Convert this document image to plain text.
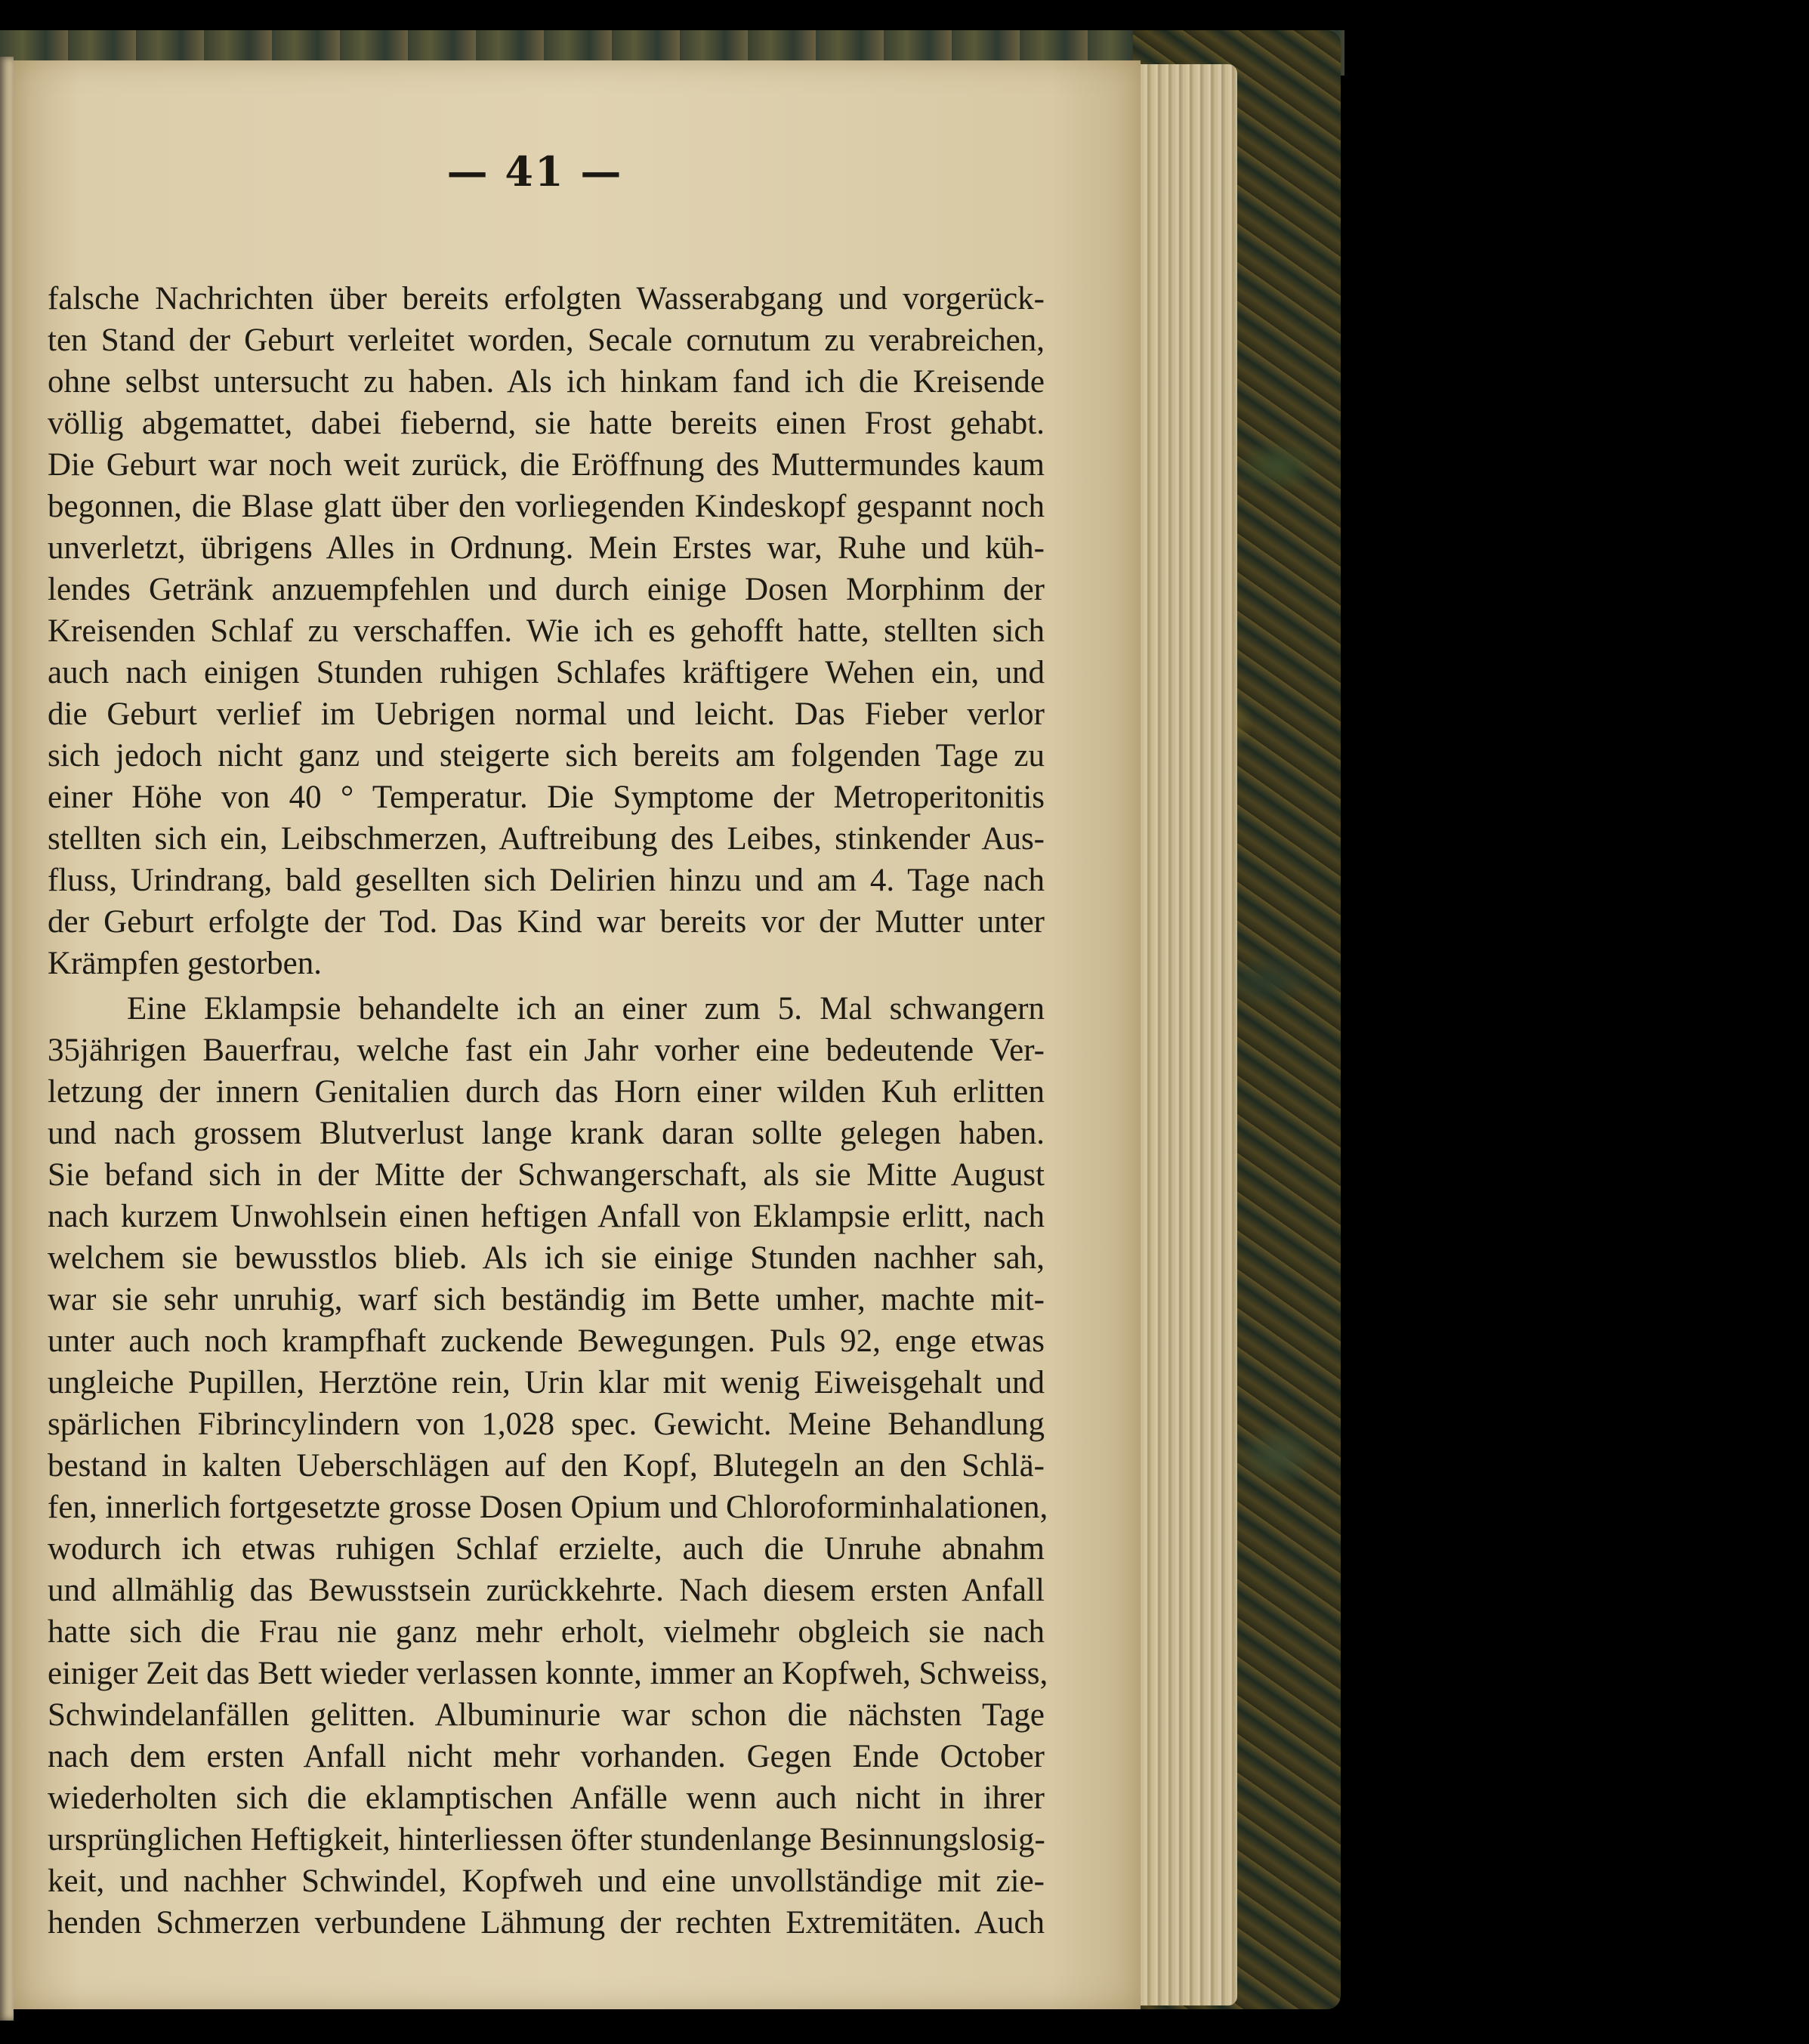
— 41 —
falsche Nachrichten über bereits erfolgten Wasserabgang und vorgerück-
ten Stand der Geburt verleitet worden, Secale cornutum zu verabreichen,
ohne selbst untersucht zu haben. Als ich hinkam fand ich die Kreisende
völlig abgemattet, dabei fiebernd, sie hatte bereits einen Frost gehabt.
Die Geburt war noch weit zurück, die Eröffnung des Muttermundes kaum
begonnen, die Blase glatt über den vorliegenden Kindeskopf gespannt noch
unverletzt, übrigens Alles in Ordnung. Mein Erstes war, Ruhe und küh-
lendes Getränk anzuempfehlen und durch einige Dosen Morphinm der
Kreisenden Schlaf zu verschaffen. Wie ich es gehofft hatte, stellten sich
auch nach einigen Stunden ruhigen Schlafes kräftigere Wehen ein, und
die Geburt verlief im Uebrigen normal und leicht. Das Fieber verlor
sich jedoch nicht ganz und steigerte sich bereits am folgenden Tage zu
einer Höhe von 40 ° Temperatur. Die Symptome der Metroperitonitis
stellten sich ein, Leibschmerzen, Auftreibung des Leibes, stinkender Aus-
fluss, Urindrang, bald gesellten sich Delirien hinzu und am 4. Tage nach
der Geburt erfolgte der Tod. Das Kind war bereits vor der Mutter unter
Krämpfen gestorben.
Eine Eklampsie behandelte ich an einer zum 5. Mal schwangern
35jährigen Bauerfrau, welche fast ein Jahr vorher eine bedeutende Ver-
letzung der innern Genitalien durch das Horn einer wilden Kuh erlitten
und nach grossem Blutverlust lange krank daran sollte gelegen haben.
Sie befand sich in der Mitte der Schwangerschaft, als sie Mitte August
nach kurzem Unwohlsein einen heftigen Anfall von Eklampsie erlitt, nach
welchem sie bewusstlos blieb. Als ich sie einige Stunden nachher sah,
war sie sehr unruhig, warf sich beständig im Bette umher, machte mit-
unter auch noch krampfhaft zuckende Bewegungen. Puls 92, enge etwas
ungleiche Pupillen, Herztöne rein, Urin klar mit wenig Eiweisgehalt und
spärlichen Fibrincylindern von 1,028 spec. Gewicht. Meine Behandlung
bestand in kalten Ueberschlägen auf den Kopf, Blutegeln an den Schlä-
fen, innerlich fortgesetzte grosse Dosen Opium und Chloroforminhalationen,
wodurch ich etwas ruhigen Schlaf erzielte, auch die Unruhe abnahm
und allmählig das Bewusstsein zurückkehrte. Nach diesem ersten Anfall
hatte sich die Frau nie ganz mehr erholt, vielmehr obgleich sie nach
einiger Zeit das Bett wieder verlassen konnte, immer an Kopfweh, Schweiss,
Schwindelanfällen gelitten. Albuminurie war schon die nächsten Tage
nach dem ersten Anfall nicht mehr vorhanden. Gegen Ende October
wiederholten sich die eklamptischen Anfälle wenn auch nicht in ihrer
ursprünglichen Heftigkeit, hinterliessen öfter stundenlange Besinnungslosig-
keit, und nachher Schwindel, Kopfweh und eine unvollständige mit zie-
henden Schmerzen verbundene Lähmung der rechten Extremitäten. Auch
